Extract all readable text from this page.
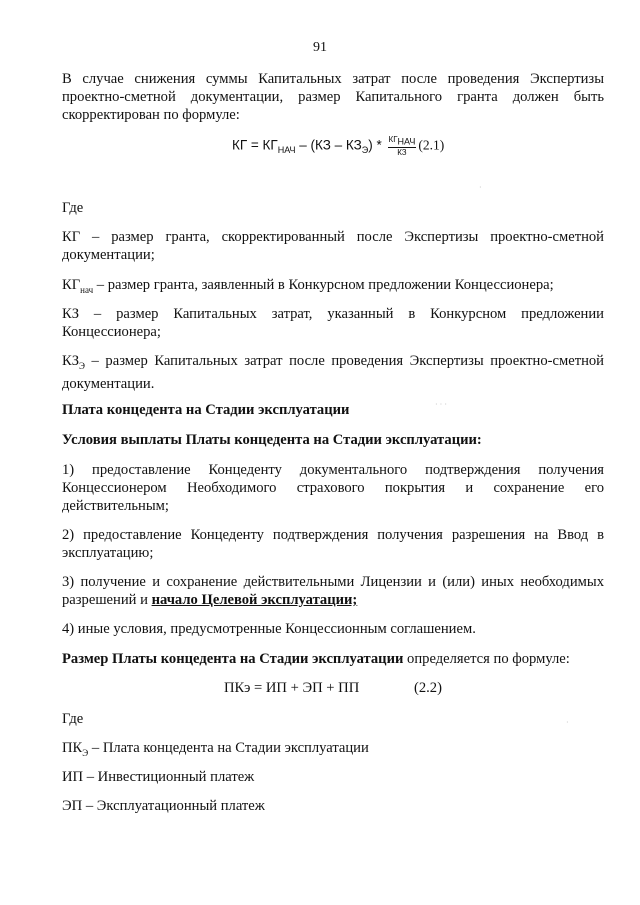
91
В случае снижения суммы Капитальных затрат после проведения Экспертизы проектно-сметной документации, размер Капитального гранта должен быть скорректирован по формуле:
КГ = $КГ_{НАЧ} - (КЗ - КЗ_Э) * \frac{КГ_{НАЧ}}{КЗ} (2.1)$
Где
КГ – размер гранта, скорректированный после Экспертизы проектно-сметной документации;
$КГ_{нач}$ – размер гранта, заявленный в Конкурсном предложении Концессионера;
КЗ – размер Капитальных затрат, указанный в Конкурсном предложении Концессионера;
$КЗ_Э$ – размер Капитальных затрат после проведения Экспертизы проектно-сметной документации.
Плата концедента на Стадии эксплуатации
Условия выплаты Платы концедента на Стадии эксплуатации:
1) предоставление Концеденту документального подтверждения получения Концессионером Необходимого страхового покрытия и сохранение его действительным;
2) предоставление Концеденту подтверждения получения разрешения на Ввод в эксплуатацию;
3) получение и сохранение действительными Лицензии и (или) иных необходимых разрешений и начало Целевой эксплуатации;
4) иные условия, предусмотренные Концессионным соглашением.
Размер Платы концедента на Стадии эксплуатации определяется по формуле:
ПКэ = ИП + ЭП + ПП	(2.2)
Где
$ПК_Э$ – Плата концедента на Стадии эксплуатации
ИП – Инвестиционный платеж
ЭП – Эксплуатационный платеж
·
· · ·
·
